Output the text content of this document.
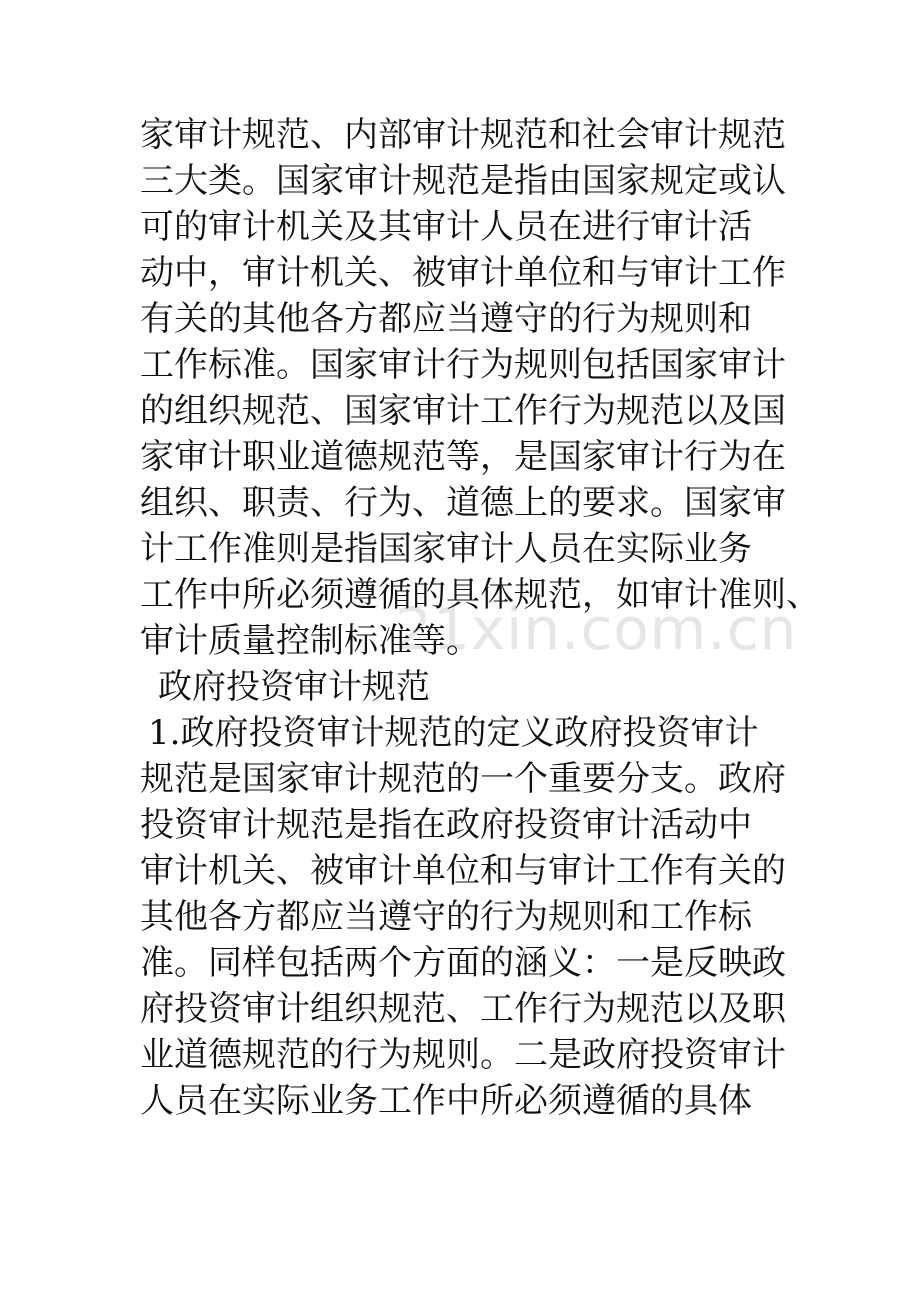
21xin.com.cn
家审计规范、内部审计规范和社会审计规范
三大类。国家审计规范是指由国家规定或认
可的审计机关及其审计人员在进行审计活
动中，审计机关、被审计单位和与审计工作
有关的其他各方都应当遵守的行为规则和
工作标准。国家审计行为规则包括国家审计
的组织规范、国家审计工作行为规范以及国
家审计职业道德规范等，是国家审计行为在
组织、职责、行为、道德上的要求。国家审
计工作准则是指国家审计人员在实际业务
工作中所必须遵循的具体规范，如审计准则、
审计质量控制标准等。
政府投资审计规范
1.政府投资审计规范的定义政府投资审计
规范是国家审计规范的一个重要分支。政府
投资审计规范是指在政府投资审计活动中
审计机关、被审计单位和与审计工作有关的
其他各方都应当遵守的行为规则和工作标
准。同样包括两个方面的涵义：一是反映政
府投资审计组织规范、工作行为规范以及职
业道德规范的行为规则。二是政府投资审计
人员在实际业务工作中所必须遵循的具体
